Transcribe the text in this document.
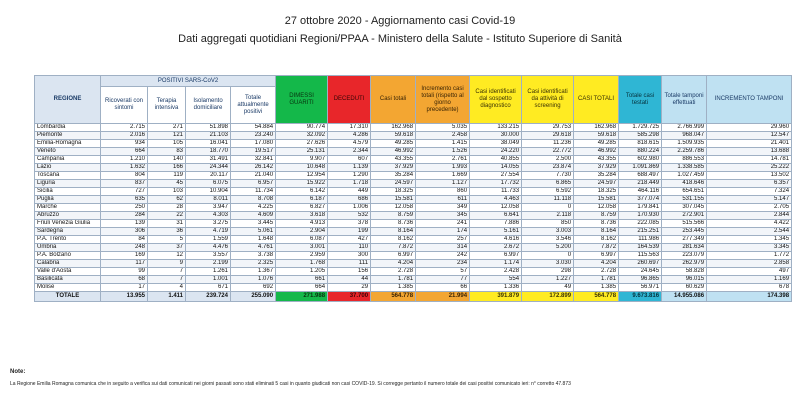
27 ottobre 2020 - Aggiornamento casi Covid-19
Dati aggregati quotidiani Regioni/PPAA - Ministero della Salute - Istituto Superiore di Sanità
REGIONE	POSITIVI SARS-CoV2				DIMESSI GUARITI	DECEDUTI	Casi totali	Incremento casi totali (rispetto al giorno precedente)	Casi identificati dal sospetto diagnostico	Casi identificati da attività di screening	CASI TOTALI	Totale casi testati	Totale tamponi effettuati	INCREMENTO TAMPONI
	Ricoverati con sintomi	Terapia intensiva	Isolamento domiciliare	Totale attualmente positivi										
Lombardia	2.715	271	51.898	54.884	90.774	17.310	162.968	5.035	133.215	29.753	162.968	1.729.725	2.766.999	29.960
Piemonte	2.016	121	21.103	23.240	32.092	4.286	59.618	2.458	30.000	29.618	59.618	585.298	968.047	12.547
Emilia-Romagna	934	105	16.041	17.080	27.626	4.579	49.285	1.415	38.049	11.236	49.285	818.615	1.509.935	21.401
Veneto	664	83	18.770	19.517	25.131	2.344	46.992	1.526	24.220	22.772	46.992	880.224	2.259.786	13.688
Campania	1.210	140	31.491	32.841	9.907	607	43.355	2.761	40.855	2.500	43.355	602.980	886.553	14.781
Lazio	1.632	166	24.344	26.142	10.648	1.139	37.929	1.993	14.055	23.874	37.929	1.091.869	1.338.585	25.222
Toscana	804	119	20.117	21.040	12.954	1.290	35.284	1.669	27.554	7.730	35.284	688.497	1.027.459	13.502
Liguria	837	45	6.075	6.957	15.922	1.718	24.597	1.127	17.732	6.865	24.597	218.449	418.646	6.357
Sicilia	727	103	10.904	11.734	6.142	449	18.325	860	11.733	6.592	18.325	464.116	654.651	7.324
Puglia	635	62	8.011	8.708	6.187	686	15.581	611	4.463	11.118	15.581	377.074	531.155	5.147
Marche	250	28	3.947	4.225	6.827	1.006	12.058	349	12.058	0	12.058	179.841	307.045	2.705
Abruzzo	284	22	4.303	4.609	3.618	532	8.759	345	6.641	2.118	8.759	170.930	272.901	2.844
Friuli Venezia Giulia	139	31	3.275	3.445	4.913	378	8.736	241	7.886	850	8.736	222.085	515.566	4.422
Sardegna	306	36	4.719	5.061	2.904	199	8.164	174	5.161	3.003	8.164	215.251	253.445	2.544
P.A. Trento	84	5	1.559	1.648	6.087	427	8.162	257	4.616	3.546	8.162	111.986	277.349	1.345
Umbria	248	37	4.476	4.761	3.001	110	7.872	314	2.672	5.200	7.872	164.539	281.634	3.345
P.A. Bolzano	169	12	3.557	3.738	2.959	300	6.997	242	6.997	0	6.997	115.563	223.079	1.772
Calabria	117	9	2.199	2.325	1.768	111	4.204	234	1.174	3.030	4.204	260.697	262.979	2.858
Valle d'Aosta	99	7	1.261	1.367	1.205	156	2.728	57	2.428	298	2.728	24.645	58.828	497
Basilicata	68	7	1.001	1.076	661	44	1.781	77	554	1.227	1.781	96.865	96.015	1.169
Molise	17	4	671	692	664	29	1.385	66	1.336	49	1.385	56.971	60.629	678
TOTALE	13.955	1.411	239.724	255.090	271.988	37.700	564.778	21.994	391.879	172.899	564.778	9.673.816	14.955.086	174.398
Note:
La Regione Emilia Romagna comunica che in seguito a verifica sui dati comunicati nei giorni passati sono stati eliminati 5 casi in quanto giudicati non casi COVID-19. Si corregge pertanto il numero totale dei casi positivi comunicato ieri: n° corretto 47.873
